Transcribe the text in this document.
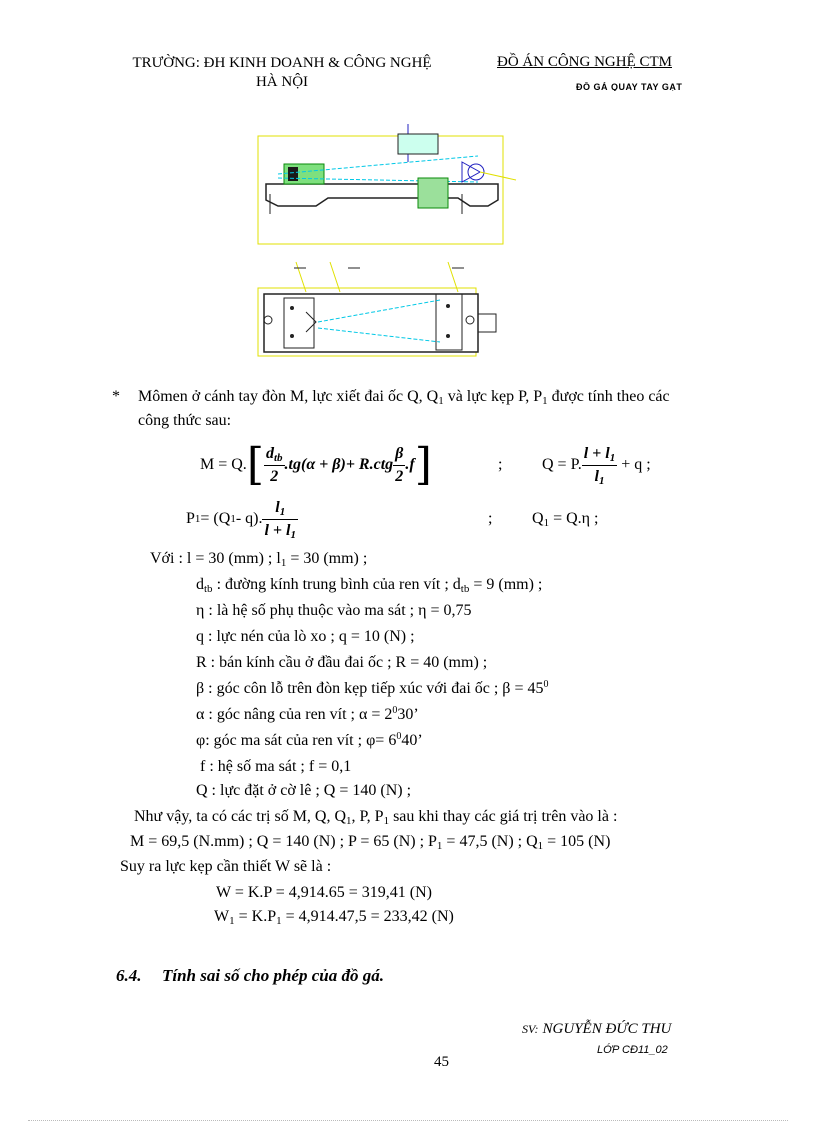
TRƯỜNG: ĐH KINH DOANH & CÔNG NGHỆ
HÀ NỘI
ĐỒ ÁN CÔNG NGHỆ CTM
ĐỒ GÁ QUAY TAY GẠT
* Mômen ở cánh tay đòn M, lực xiết đai ốc Q, $Q_1$ và lực kẹp P, $P_1$ được tính theo các
công thức sau:
M = Q. [ $\frac{d_{tb}}{2} .tg(\alpha + \beta)+ R.ctg \frac{\beta}{2} .f$ ]	; Q = P. $\frac{l + l_1}{l_1} + q$ ;
P 1 = (Q 1 - q). $\frac{l_1}{l + l_1}$	; $Q_1 = Q.\eta$ ;
Với : l = 30 (mm) ; $l_1 = 30$ (mm) ;
$d_{tb}$ : đường kính trung bình của ren vít ; $d_{tb} = 9$ (mm) ;
η : là hệ số phụ thuộc vào ma sát ; η = 0,75
q : lực nén của lò xo ; q = 10 (N) ;
R : bán kính cầu ở đầu đai ốc ; R = 40 (mm) ;
β : góc côn lỗ trên đòn kẹp tiếp xúc với đai ốc ; $\beta = 45^0$
α : góc nâng của ren vít ; $\alpha = 2^030$’
φ: góc ma sát của ren vít ; $\varphi= 6^040$’
f : hệ số ma sát ; f = 0,1
Q : lực đặt ở cờ lê ; Q = 140 (N) ;
Như vậy, ta có các trị số M, Q, $Q_1$, P, $P_1$ sau khi thay các giá trị trên vào là :
M = 69,5 (N.mm) ; Q = 140 (N) ; P = 65 (N) ; $P_1 = 47,5$ (N) ; $Q_1 = 105$ (N)
Suy ra lực kẹp cần thiết W sẽ là :
W = K.P = 4,914.65 = 319,41 (N)
$W_1 = K.P_1 = 4,914.47,5 = 233,42$ (N)
6.4. Tính sai số cho phép của đồ gá.
SV: NGUYỄN ĐỨC THU
LỚP CĐ11_02
45
